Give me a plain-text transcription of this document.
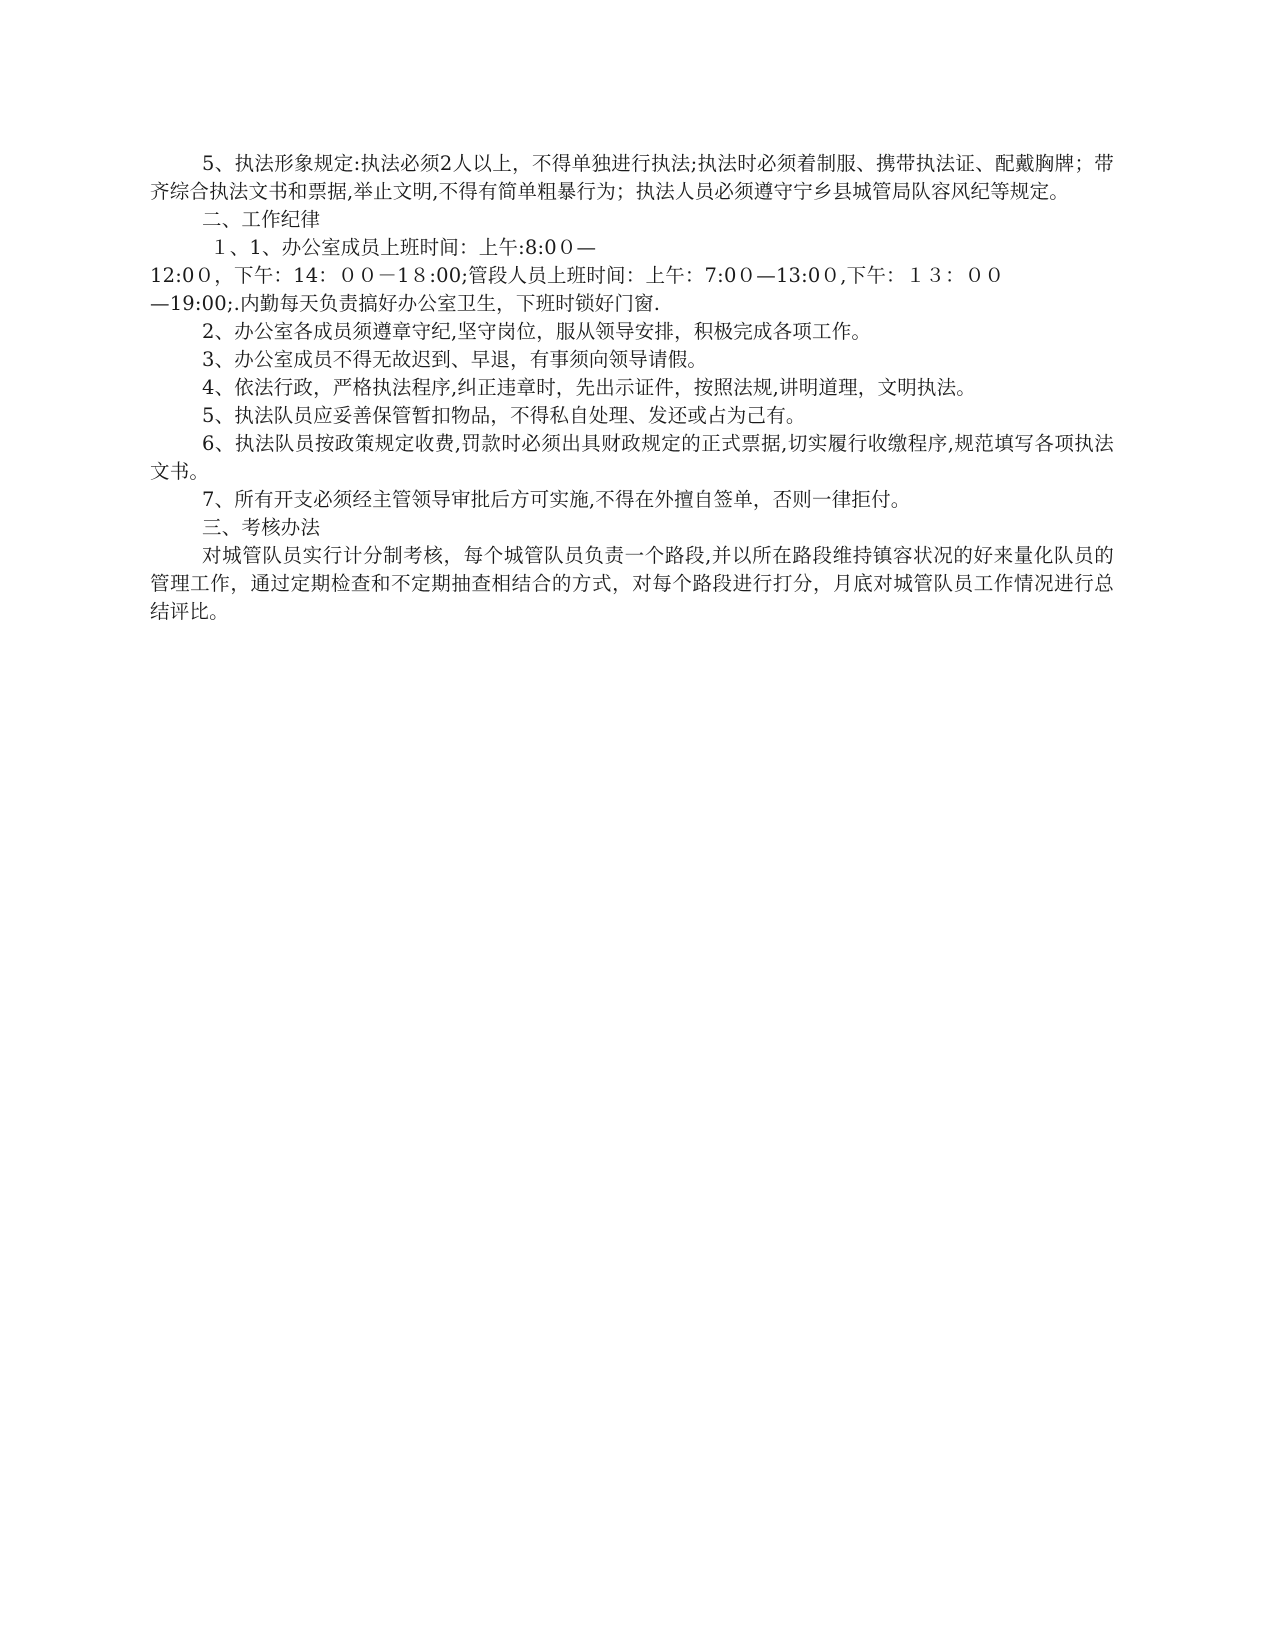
5、执法形象规定:执法必须2人以上，不得单独进行执法;执法时必须着制服、携带执法证、配戴胸牌；带齐综合执法文书和票据,举止文明,不得有简单粗暴行为；执法人员必须遵守宁乡县城管局队容风纪等规定。

二、工作纪律

１、1、办公室成员上班时间：上午:8:0０—
12:0０，下午：14：００－1８:00;管段人员上班时间：上午：7:0０—13:0０,下午：１３：００
—19:00;.内勤每天负责搞好办公室卫生，下班时锁好门窗.

2、办公室各成员须遵章守纪,坚守岗位，服从领导安排，积极完成各项工作。

3、办公室成员不得无故迟到、早退，有事须向领导请假。

4、依法行政，严格执法程序,纠正违章时，先出示证件，按照法规,讲明道理，文明执法。

5、执法队员应妥善保管暂扣物品，不得私自处理、发还或占为己有。

6、执法队员按政策规定收费,罚款时必须出具财政规定的正式票据,切实履行收缴程序,规范填写各项执法文书。

7、所有开支必须经主管领导审批后方可实施,不得在外擅自签单，否则一律拒付。

三、考核办法

对城管队员实行计分制考核，每个城管队员负责一个路段,并以所在路段维持镇容状况的好来量化队员的管理工作，通过定期检查和不定期抽查相结合的方式，对每个路段进行打分，月底对城管队员工作情况进行总结评比。
